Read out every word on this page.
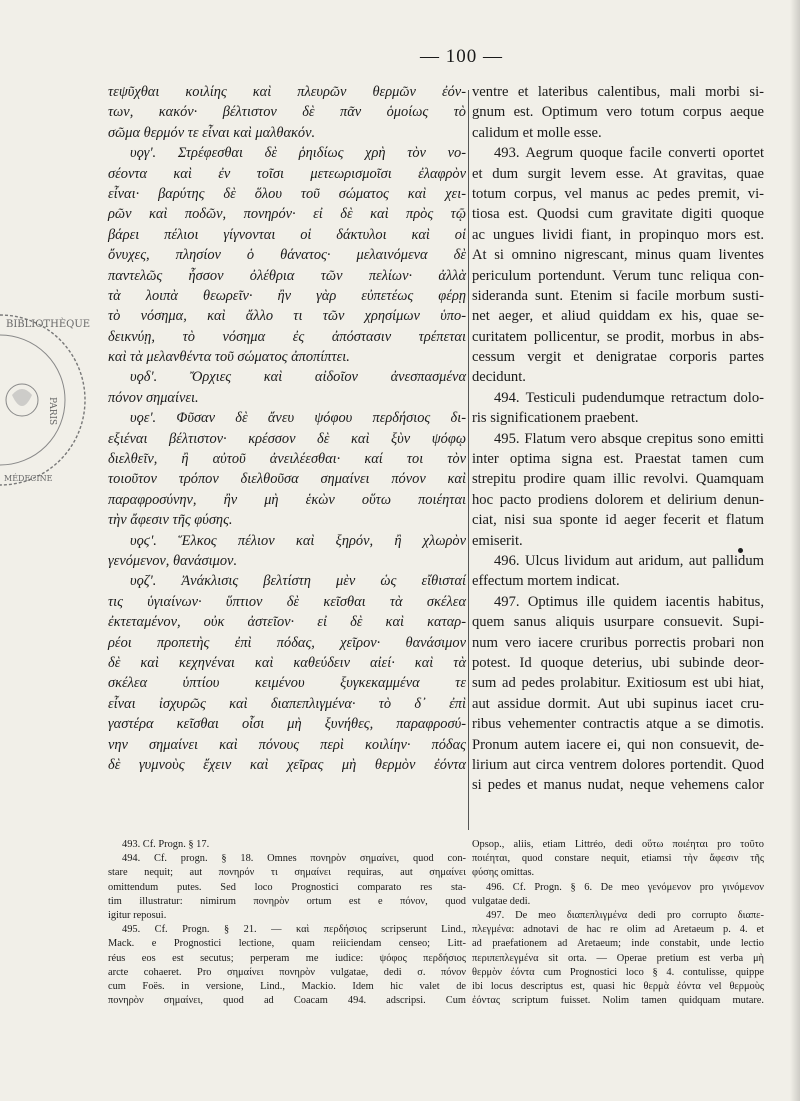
— 100 —
BIBLIOTHÈQUE
PARIS
MÉDECINE
τεψῦχθαι κοιλίης καὶ πλευρῶν θερμῶν ἐόν-
των, κακόν· βέλτιστον δὲ πᾶν ὁμοίως τὸ
σῶμα θερμόν τε εἶναι καὶ μαλθακόν.
υϙγʹ. Στρέφεσθαι δὲ ῥηιδίως χρὴ τὸν νο-
σέοντα καὶ ἐν τοῖσι μετεωρισμοῖσι ἐλαφρὸν
εἶναι· βαρύτης δὲ ὅλου τοῦ σώματος καὶ χει-
ρῶν καὶ ποδῶν, πονηρόν· εἰ δὲ καὶ πρὸς τῷ
βάρει πέλιοι γίγνονται οἱ δάκτυλοι καὶ οἱ
ὄνυχες, πλησίον ὁ θάνατος· μελαινόμενα δὲ
παντελῶς ἧσσον ὀλέθρια τῶν πελίων· ἀλλὰ
τὰ λοιπὰ θεωρεῖν· ἢν γὰρ εὐπετέως φέρῃ
τὸ νόσημα, καὶ ἄλλο τι τῶν χρησίμων ὑπο-
δεικνύῃ, τὸ νόσημα ἐς ἀπόστασιν τρέπεται
καὶ τὰ μελανθέντα τοῦ σώματος ἀποπίπτει.
υϙδʹ. Ὄρχιες καὶ αἰδοῖον ἀνεσπασμένα
πόνον σημαίνει.
υϙεʹ. Φῦσαν δὲ ἄνευ ψόφου περδήσιος δι-
εξιέναι βέλτιστον· κρέσσον δὲ καὶ ξὺν ψόφῳ
διελθεῖν, ἢ αὐτοῦ ἀνειλέεσθαι· καί τοι τὸν
τοιοῦτον τρόπον διελθοῦσα σημαίνει πόνον καὶ
παραφροσύνην, ἢν μὴ ἑκὼν οὕτω ποιέηται
τὴν ἄφεσιν τῆς φύσης.
υϙϛʹ. Ἕλκος πέλιον καὶ ξηρόν, ἢ χλωρὸν
γενόμενον, θανάσιμον.
υϙζʹ. Ἀνάκλισις βελτίστη μὲν ὡς εἴθισταί
τις ὑγιαίνων· ὕπτιον δὲ κεῖσθαι τὰ σκέλεα
ἐκτεταμένον, οὐκ ἀστεῖον· εἰ δὲ καὶ καταρ-
ρέοι προπετὴς ἐπὶ πόδας, χεῖρον· θανάσιμον
δὲ καὶ κεχηνέναι καὶ καθεύδειν αἰεί· καὶ τὰ
σκέλεα ὑπτίου κειμένου ξυγκεκαμμένα τε
εἶναι ἰσχυρῶς καὶ διαπεπλιγμένα· τὸ δ᾽ ἐπὶ
γαστέρα κεῖσθαι οἷσι μὴ ξυνήθες, παραφροσύ-
νην σημαίνει καὶ πόνους περὶ κοιλίην· πόδας
δὲ γυμνοὺς ἔχειν καὶ χεῖρας μὴ θερμὸν ἐόντα
ventre et lateribus calentibus, mali morbi si-
gnum est. Optimum vero totum corpus aeque
calidum et molle esse.
493. Aegrum quoque facile converti oportet
et dum surgit levem esse. At gravitas, quae
totum corpus, vel manus ac pedes premit, vi-
tiosa est. Quodsi cum gravitate digiti quoque
ac ungues lividi fiant, in propinquo mors est.
At si omnino nigrescant, minus quam liventes
periculum portendunt. Verum tunc reliqua con-
sideranda sunt. Etenim si facile morbum susti-
net aeger, et aliud quiddam ex his, quae se-
curitatem pollicentur, se prodit, morbus in abs-
cessum vergit et denigratae corporis partes
decidunt.
494. Testiculi pudendumque retractum dolo-
ris significationem praebent.
495. Flatum vero absque crepitus sono emitti
inter optima signa est. Praestat tamen cum
strepitu prodire quam illic revolvi. Quamquam
hoc pacto prodiens dolorem et delirium denun-
ciat, nisi sua sponte id aeger fecerit et flatum
emiserit.
496. Ulcus lividum aut aridum, aut pallidum
effectum mortem indicat.
497. Optimus ille quidem iacentis habitus,
quem sanus aliquis usurpare consuevit. Supi-
num vero iacere cruribus porrectis probari non
potest. Id quoque deterius, ubi subinde deor-
sum ad pedes prolabitur. Exitiosum est ubi hiat,
aut assidue dormit. Aut ubi supinus iacet cru-
ribus vehementer contractis atque a se dimotis.
Pronum autem iacere ei, qui non consuevit, de-
lirium aut circa ventrem dolores portendit. Quod
si pedes et manus nudat, neque vehemens calor
493. Cf. Progn. § 17.
494. Cf. progn. § 18. Omnes πονηρὸν σημαίνει, quod con-
stare nequit; aut πονηρόν τι σημαίνει requiras, aut σημαίνει
omittendum putes. Sed loco Prognostici comparato res sta-
tim illustratur: nimirum πονηρὸν ortum est e πόνον, quod
igitur reposui.
495. Cf. Progn. § 21. — καὶ περδήσιος scripserunt Lind.,
Mack. e Prognostici lectione, quam reiiciendam censeo; Litt-
réus eos est secutus; perperam me iudice: ψόφος περδήσιος
arcte cohaeret. Pro σημαίνει πονηρὸν vulgatae, dedi σ. πόνον
cum Foës. in versione, Lind., Mackio. Idem hic valet de
πονηρὸν σημαίνει, quod ad Coacam 494. adscripsi. Cum
Opsop., aliis, etiam Littréo, dedi οὕτω ποιέηται pro τοῦτο
ποιέηται, quod constare nequit, etiamsi τὴν ἄφεσιν τῆς
φύσης omittas.
496. Cf. Progn. § 6. De meo γενόμενον pro γινόμενον
vulgatae dedi.
497. De meo διαπεπλιγμένα dedi pro corrupto διαπε-
πλεγμένα: adnotavi de hac re olim ad Aretaeum p. 4. et
ad praefationem ad Aretaeum; inde constabit, unde lectio
περιπεπλεγμένα sit orta. — Operae pretium est verba μὴ
θερμὸν ἐόντα cum Prognostici loco § 4. contulisse, quippe
ibi locus descriptus est, quasi hic θερμὰ ἐόντα vel θερμοὺς
ἐόντας scriptum fuisset. Nolim tamen quidquam mutare.
